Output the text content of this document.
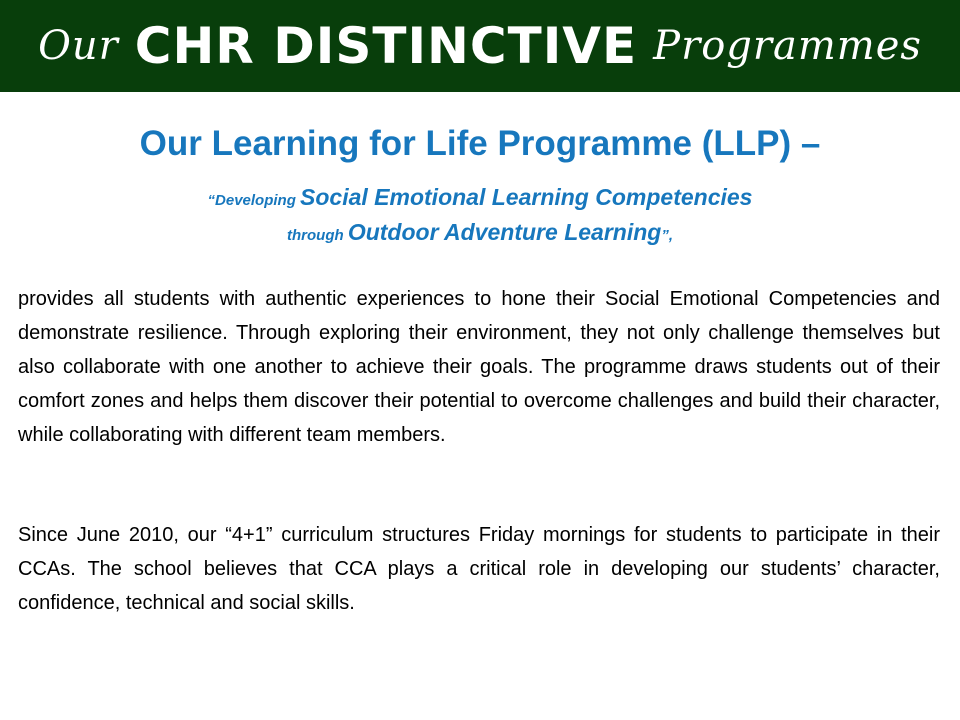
Our CHR DISTINCTIVE Programmes
Our Learning for Life Programme (LLP) –
“Developing Social Emotional Learning Competencies
through Outdoor Adventure Learning”,

provides all students with authentic experiences to hone their Social Emotional Competencies and demonstrate resilience. Through exploring their environment, they not only challenge themselves but also collaborate with one another to achieve their goals. The programme draws students out of their comfort zones and helps them discover their potential to overcome challenges and build their character, while collaborating with different team members.

Since June 2010, our “4+1” curriculum structures Friday mornings for students to participate in their CCAs. The school believes that CCA plays a critical role in developing our students’ character, confidence, technical and social skills.
